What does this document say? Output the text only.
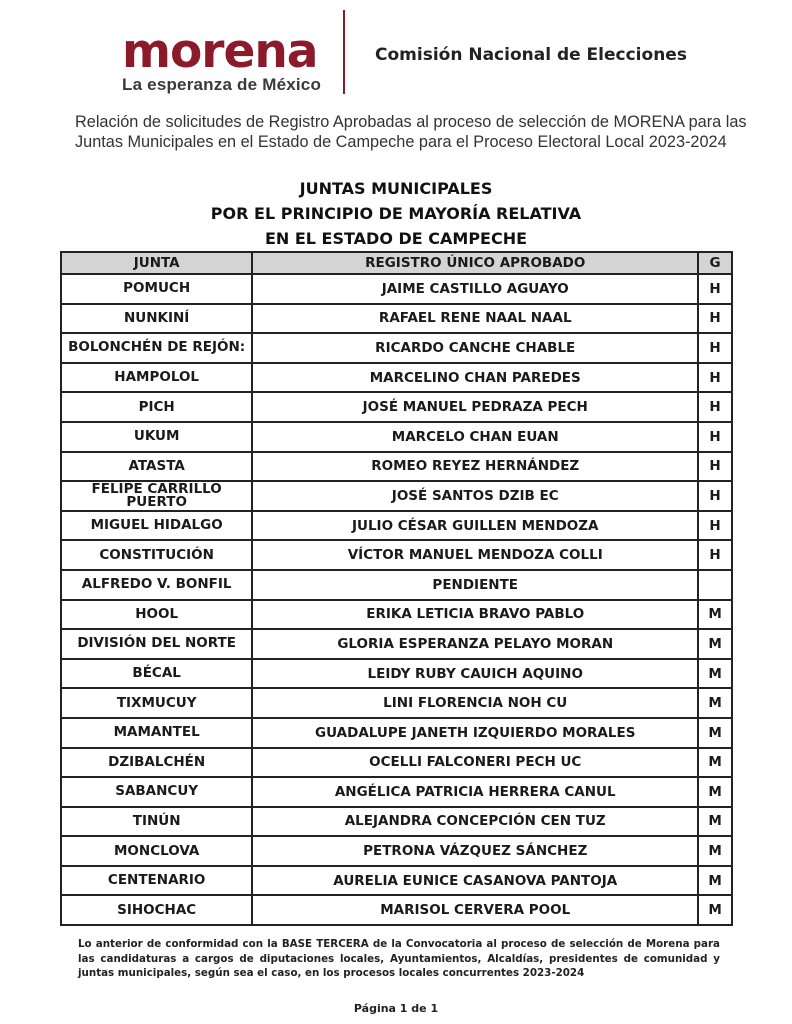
morena
La esperanza de México
Comisión Nacional de Elecciones
Relación de solicitudes de Registro Aprobadas al proceso de selección de MORENA para las Juntas Municipales en el Estado de Campeche para el Proceso Electoral Local 2023-2024
JUNTAS MUNICIPALES
POR EL PRINCIPIO DE MAYORÍA RELATIVA
EN EL ESTADO DE CAMPECHE
JUNTA	REGISTRO ÚNICO APROBADO	G
POMUCH	JAIME CASTILLO AGUAYO	H
NUNKINÍ	RAFAEL RENE NAAL NAAL	H
BOLONCHÉN DE REJÓN:	RICARDO CANCHE CHABLE	H
HAMPOLOL	MARCELINO CHAN PAREDES	H
PICH	JOSÉ MANUEL PEDRAZA PECH	H
UKUM	MARCELO CHAN EUAN	H
ATASTA	ROMEO REYEZ HERNÁNDEZ	H
FELIPE CARRILLO PUERTO	JOSÉ SANTOS DZIB EC	H
MIGUEL HIDALGO	JULIO CÉSAR GUILLEN MENDOZA	H
CONSTITUCIÓN	VÍCTOR MANUEL MENDOZA COLLI	H
ALFREDO V. BONFIL	PENDIENTE	
HOOL	ERIKA LETICIA BRAVO PABLO	M
DIVISIÓN DEL NORTE	GLORIA ESPERANZA PELAYO MORAN	M
BÉCAL	LEIDY RUBY CAUICH AQUINO	M
TIXMUCUY	LINI FLORENCIA NOH CU	M
MAMANTEL	GUADALUPE JANETH IZQUIERDO MORALES	M
DZIBALCHÉN	OCELLI FALCONERI PECH UC	M
SABANCUY	ANGÉLICA PATRICIA HERRERA CANUL	M
TINÚN	ALEJANDRA CONCEPCIÓN CEN TUZ	M
MONCLOVA	PETRONA VÁZQUEZ SÁNCHEZ	M
CENTENARIO	AURELIA EUNICE CASANOVA PANTOJA	M
SIHOCHAC	MARISOL CERVERA POOL	M
Lo anterior de conformidad con la BASE TERCERA de la Convocatoria al proceso de selección de Morena para las candidaturas a cargos de diputaciones locales, Ayuntamientos, Alcaldías, presidentes de comunidad y juntas municipales, según sea el caso, en los procesos locales concurrentes 2023-2024
Página 1 de 1
